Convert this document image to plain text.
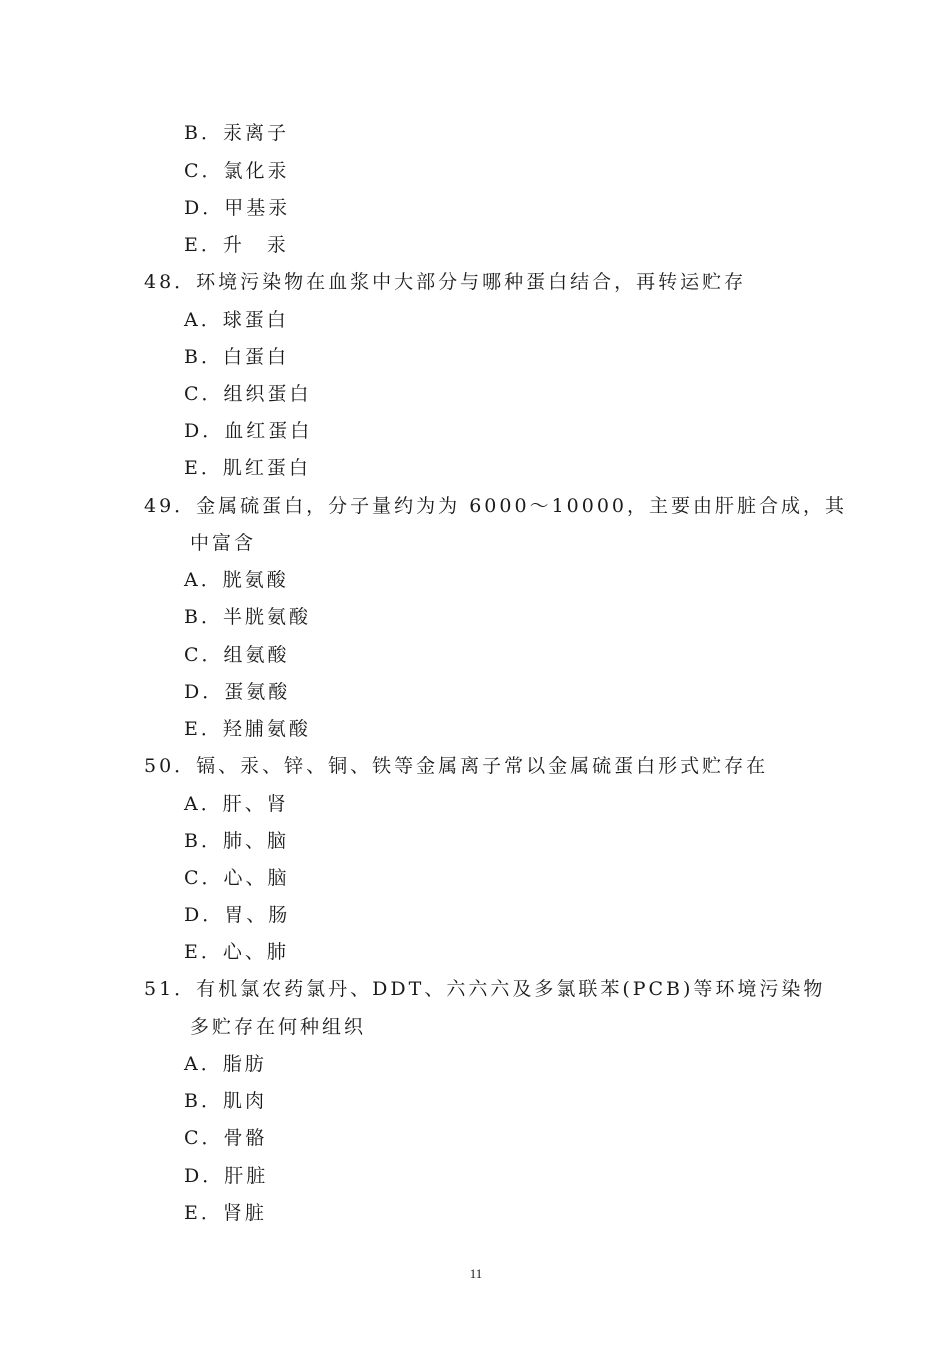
B．汞离子
C．氯化汞
D．甲基汞
E．升　汞
48．环境污染物在血浆中大部分与哪种蛋白结合，再转运贮存
A．球蛋白
B．白蛋白
C．组织蛋白
D．血红蛋白
E．肌红蛋白
49．金属硫蛋白，分子量约为为 6000～10000，主要由肝脏合成，其
中富含
A．胱氨酸
B．半胱氨酸
C．组氨酸
D．蛋氨酸
E．羟脯氨酸
50．镉、汞、锌、铜、铁等金属离子常以金属硫蛋白形式贮存在
A．肝、肾
B．肺、脑
C．心、脑
D．胃、肠
E．心、肺
51．有机氯农药氯丹、DDT、六六六及多氯联苯(PCB)等环境污染物
多贮存在何种组织
A．脂肪
B．肌肉
C．骨骼
D．肝脏
E．肾脏
11
